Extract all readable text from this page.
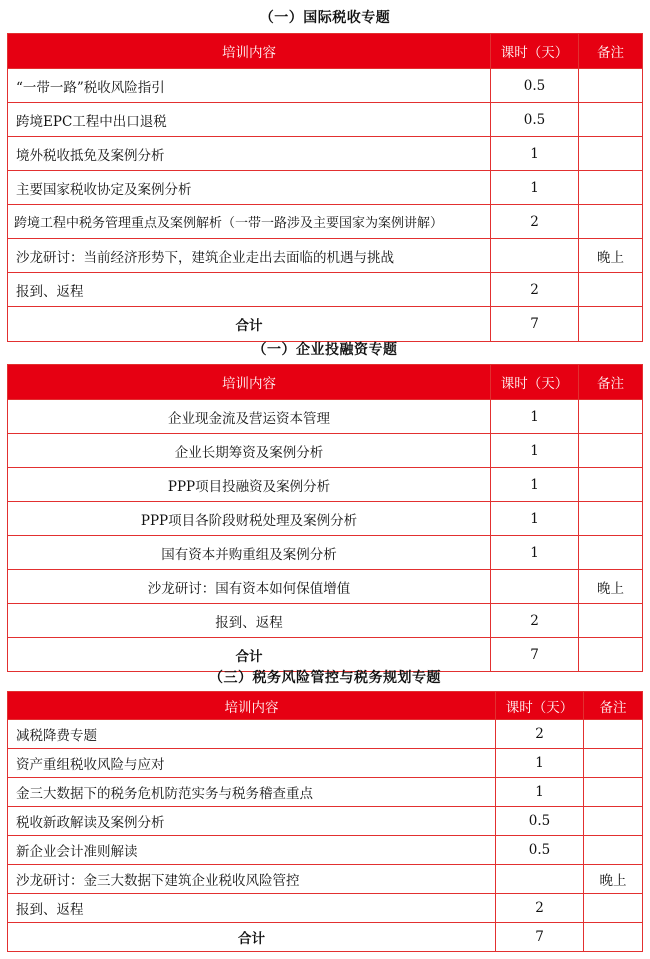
（一）国际税收专题
培训内容	课时（天）	备注
“一带一路”税收风险指引	0.5	
跨境EPC工程中出口退税	0.5	
境外税收抵免及案例分析	1	
主要国家税收协定及案例分析	1	
跨境工程中税务管理重点及案例解析（一带一路涉及主要国家为案例讲解）	2	
沙龙研讨：当前经济形势下，建筑企业走出去面临的机遇与挑战		晚上
报到、返程	2	
合计	7	
（一）企业投融资专题
培训内容	课时（天）	备注
企业现金流及营运资本管理	1	
企业长期筹资及案例分析	1	
PPP项目投融资及案例分析	1	
PPP项目各阶段财税处理及案例分析	1	
国有资本并购重组及案例分析	1	
沙龙研讨：国有资本如何保值增值		晚上
报到、返程	2	
合计	7	
（三）税务风险管控与税务规划专题
培训内容	课时（天）	备注
减税降费专题	2	
资产重组税收风险与应对	1	
金三大数据下的税务危机防范实务与税务稽查重点	1	
税收新政解读及案例分析	0.5	
新企业会计准则解读	0.5	
沙龙研讨：金三大数据下建筑企业税收风险管控		晚上
报到、返程	2	
合计	7	
